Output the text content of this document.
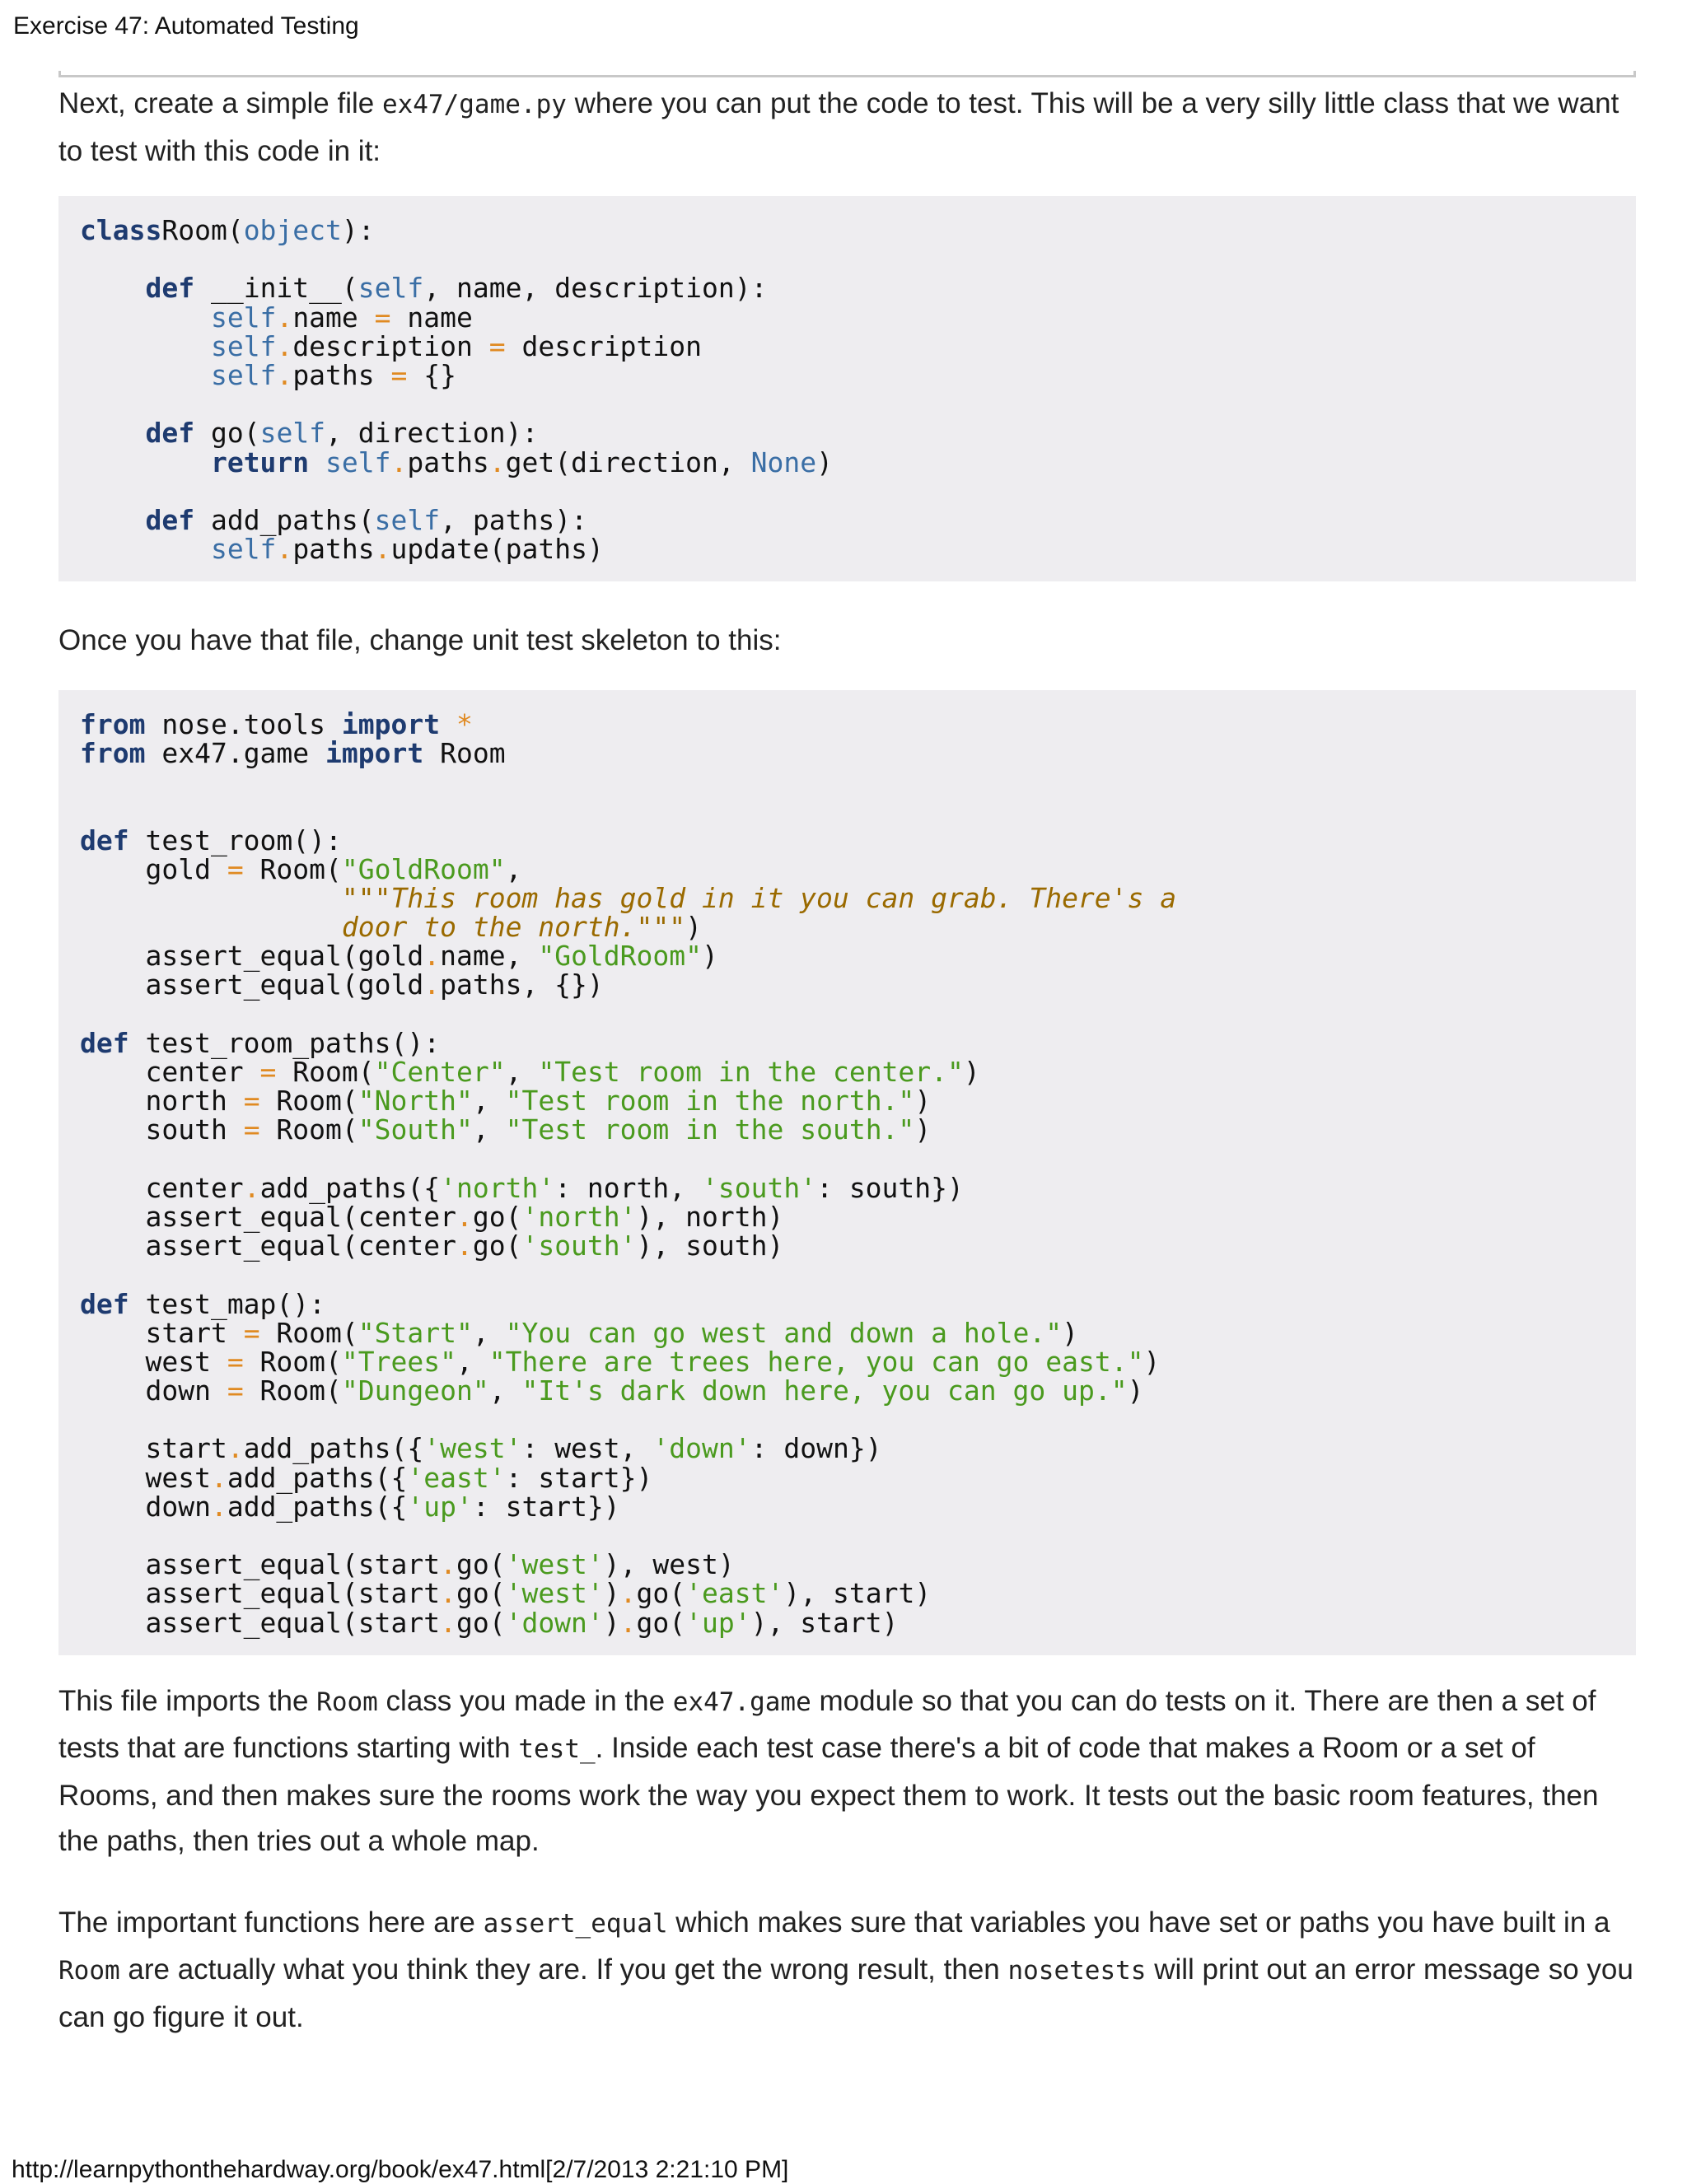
Exercise 47: Automated Testing

Next, create a simple file ex47/game.py where you can put the code to test. This will be a very silly little class that we want to test with this code in it:

classRoom(object):
def __init__(self, name, description):
self.name = name
self.description = description
self.paths = {}
def go(self, direction):
return self.paths.get(direction, None)
def add_paths(self, paths):
self.paths.update(paths)

Once you have that file, change unit test skeleton to this:

from nose.tools import *
from ex47.game import Room
def test_room():
gold = Room("GoldRoom",
"""This room has gold in it you can grab. There's a
door to the north.""")
assert_equal(gold.name, "GoldRoom")
assert_equal(gold.paths, {})
def test_room_paths():
center = Room("Center", "Test room in the center.")
north = Room("North", "Test room in the north.")
south = Room("South", "Test room in the south.")
center.add_paths({'north': north, 'south': south})
assert_equal(center.go('north'), north)
assert_equal(center.go('south'), south)
def test_map():
start = Room("Start", "You can go west and down a hole.")
west = Room("Trees", "There are trees here, you can go east.")
down = Room("Dungeon", "It's dark down here, you can go up.")
start.add_paths({'west': west, 'down': down})
west.add_paths({'east': start})
down.add_paths({'up': start})
assert_equal(start.go('west'), west)
assert_equal(start.go('west').go('east'), start)
assert_equal(start.go('down').go('up'), start)

This file imports the Room class you made in the ex47.game module so that you can do tests on it. There are then a set of tests that are functions starting with test_. Inside each test case there's a bit of code that makes a Room or a set of Rooms, and then makes sure the rooms work the way you expect them to work. It tests out the basic room features, then the paths, then tries out a whole map.

The important functions here are assert_equal which makes sure that variables you have set or paths you have built in a Room are actually what you think they are. If you get the wrong result, then nosetests will print out an error message so you can go figure it out.

http://learnpythonthehardway.org/book/ex47.html[2/7/2013 2:21:10 PM]
